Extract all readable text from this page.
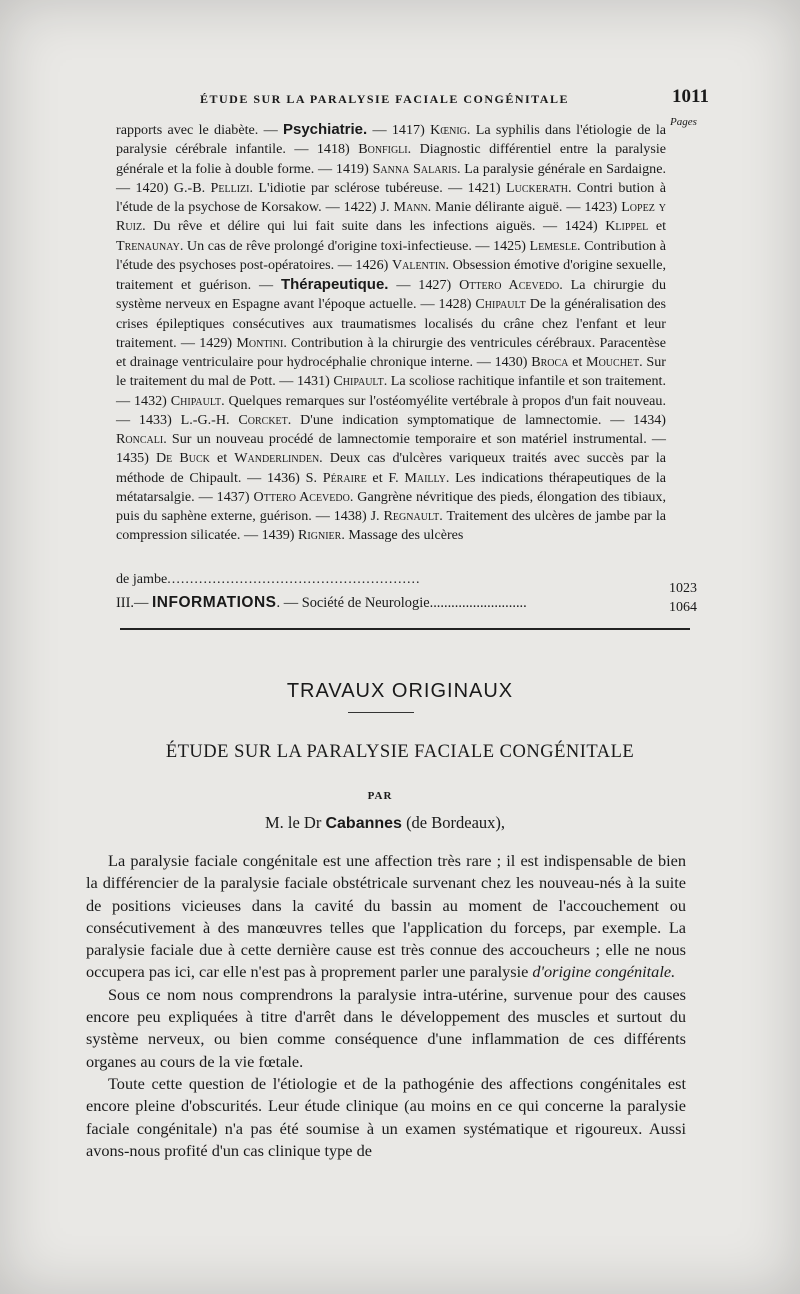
ÉTUDE SUR LA PARALYSIE FACIALE CONGÉNITALE	1011
Pages
rapports avec le diabète. — Psychiatrie. — 1417) Kœnig. La syphilis dans l'étiologie de la paralysie cérébrale infantile. — 1418) Bonfigli. Diagnostic différentiel entre la paralysie générale et la folie à double forme. — 1419) Sanna Salaris. La paralysie générale en Sardaigne. — 1420) G.-B. Pellizi. L'idiotie par sclérose tubéreuse. — 1421) Luckerath. Contri bution à l'étude de la psychose de Korsakow. — 1422) J. Mann. Manie délirante aiguë. — 1423) Lopez y Ruiz. Du rêve et délire qui lui fait suite dans les infections aiguës. — 1424) Klippel et Trenaunay. Un cas de rêve prolongé d'origine toxi-infectieuse. — 1425) Lemesle. Contribution à l'étude des psychoses post-opératoires. — 1426) Valentin. Obsession émotive d'origine sexuelle, traitement et guérison. — Thérapeutique. — 1427) Ottero Acevedo. La chirurgie du système nerveux en Espagne avant l'époque actuelle. — 1428) Chipault De la généralisation des crises épileptiques consécutives aux traumatismes localisés du crâne chez l'enfant et leur traitement. — 1429) Montini. Contribution à la chirurgie des ventricules cérébraux. Paracentèse et drainage ventriculaire pour hydrocéphalie chronique interne. — 1430) Broca et Mouchet. Sur le traitement du mal de Pott. — 1431) Chipault. La scoliose rachitique infantile et son traitement. — 1432) Chipault. Quelques remarques sur l'ostéomyélite vertébrale à propos d'un fait nouveau. — 1433) L.-G.-H. Corcket. D'une indication symptomatique de lamnectomie. — 1434) Roncali. Sur un nouveau procédé de lamnectomie temporaire et son matériel instrumental. — 1435) De Buck et Wanderlinden. Deux cas d'ulcères variqueux traités avec succès par la méthode de Chipault. — 1436) S. Péraire et F. Mailly. Les indications thérapeutiques de la métatarsalgie. — 1437) Ottero Acevedo. Gangrène névritique des pieds, élongation des tibiaux, puis du saphène externe, guérison. — 1438) J. Regnault. Traitement des ulcères de jambe par la compression silicatée. — 1439) Rignier. Massage des ulcères
de jambe........................................................
1023
III.— INFORMATIONS. — Société de Neurologie...........................	1064
TRAVAUX ORIGINAUX
ÉTUDE SUR LA PARALYSIE FACIALE CONGÉNITALE
PAR
M. le Dr Cabannes (de Bordeaux),

La paralysie faciale congénitale est une affection très rare ; il est indispensable de bien la différencier de la paralysie faciale obstétricale survenant chez les nouveau-nés à la suite de positions vicieuses dans la cavité du bassin au moment de l'accouchement ou consécutivement à des manœuvres telles que l'application du forceps, par exemple. La paralysie faciale due à cette dernière cause est très connue des accoucheurs ; elle ne nous occupera pas ici, car elle n'est pas à proprement parler une paralysie d'origine congénitale.

Sous ce nom nous comprendrons la paralysie intra-utérine, survenue pour des causes encore peu expliquées à titre d'arrêt dans le développement des muscles et surtout du système nerveux, ou bien comme conséquence d'une inflammation de ces différents organes au cours de la vie fœtale.

Toute cette question de l'étiologie et de la pathogénie des affections congénitales est encore pleine d'obscurités. Leur étude clinique (au moins en ce qui concerne la paralysie faciale congénitale) n'a pas été soumise à un examen systématique et rigoureux. Aussi avons-nous profité d'un cas clinique type de
